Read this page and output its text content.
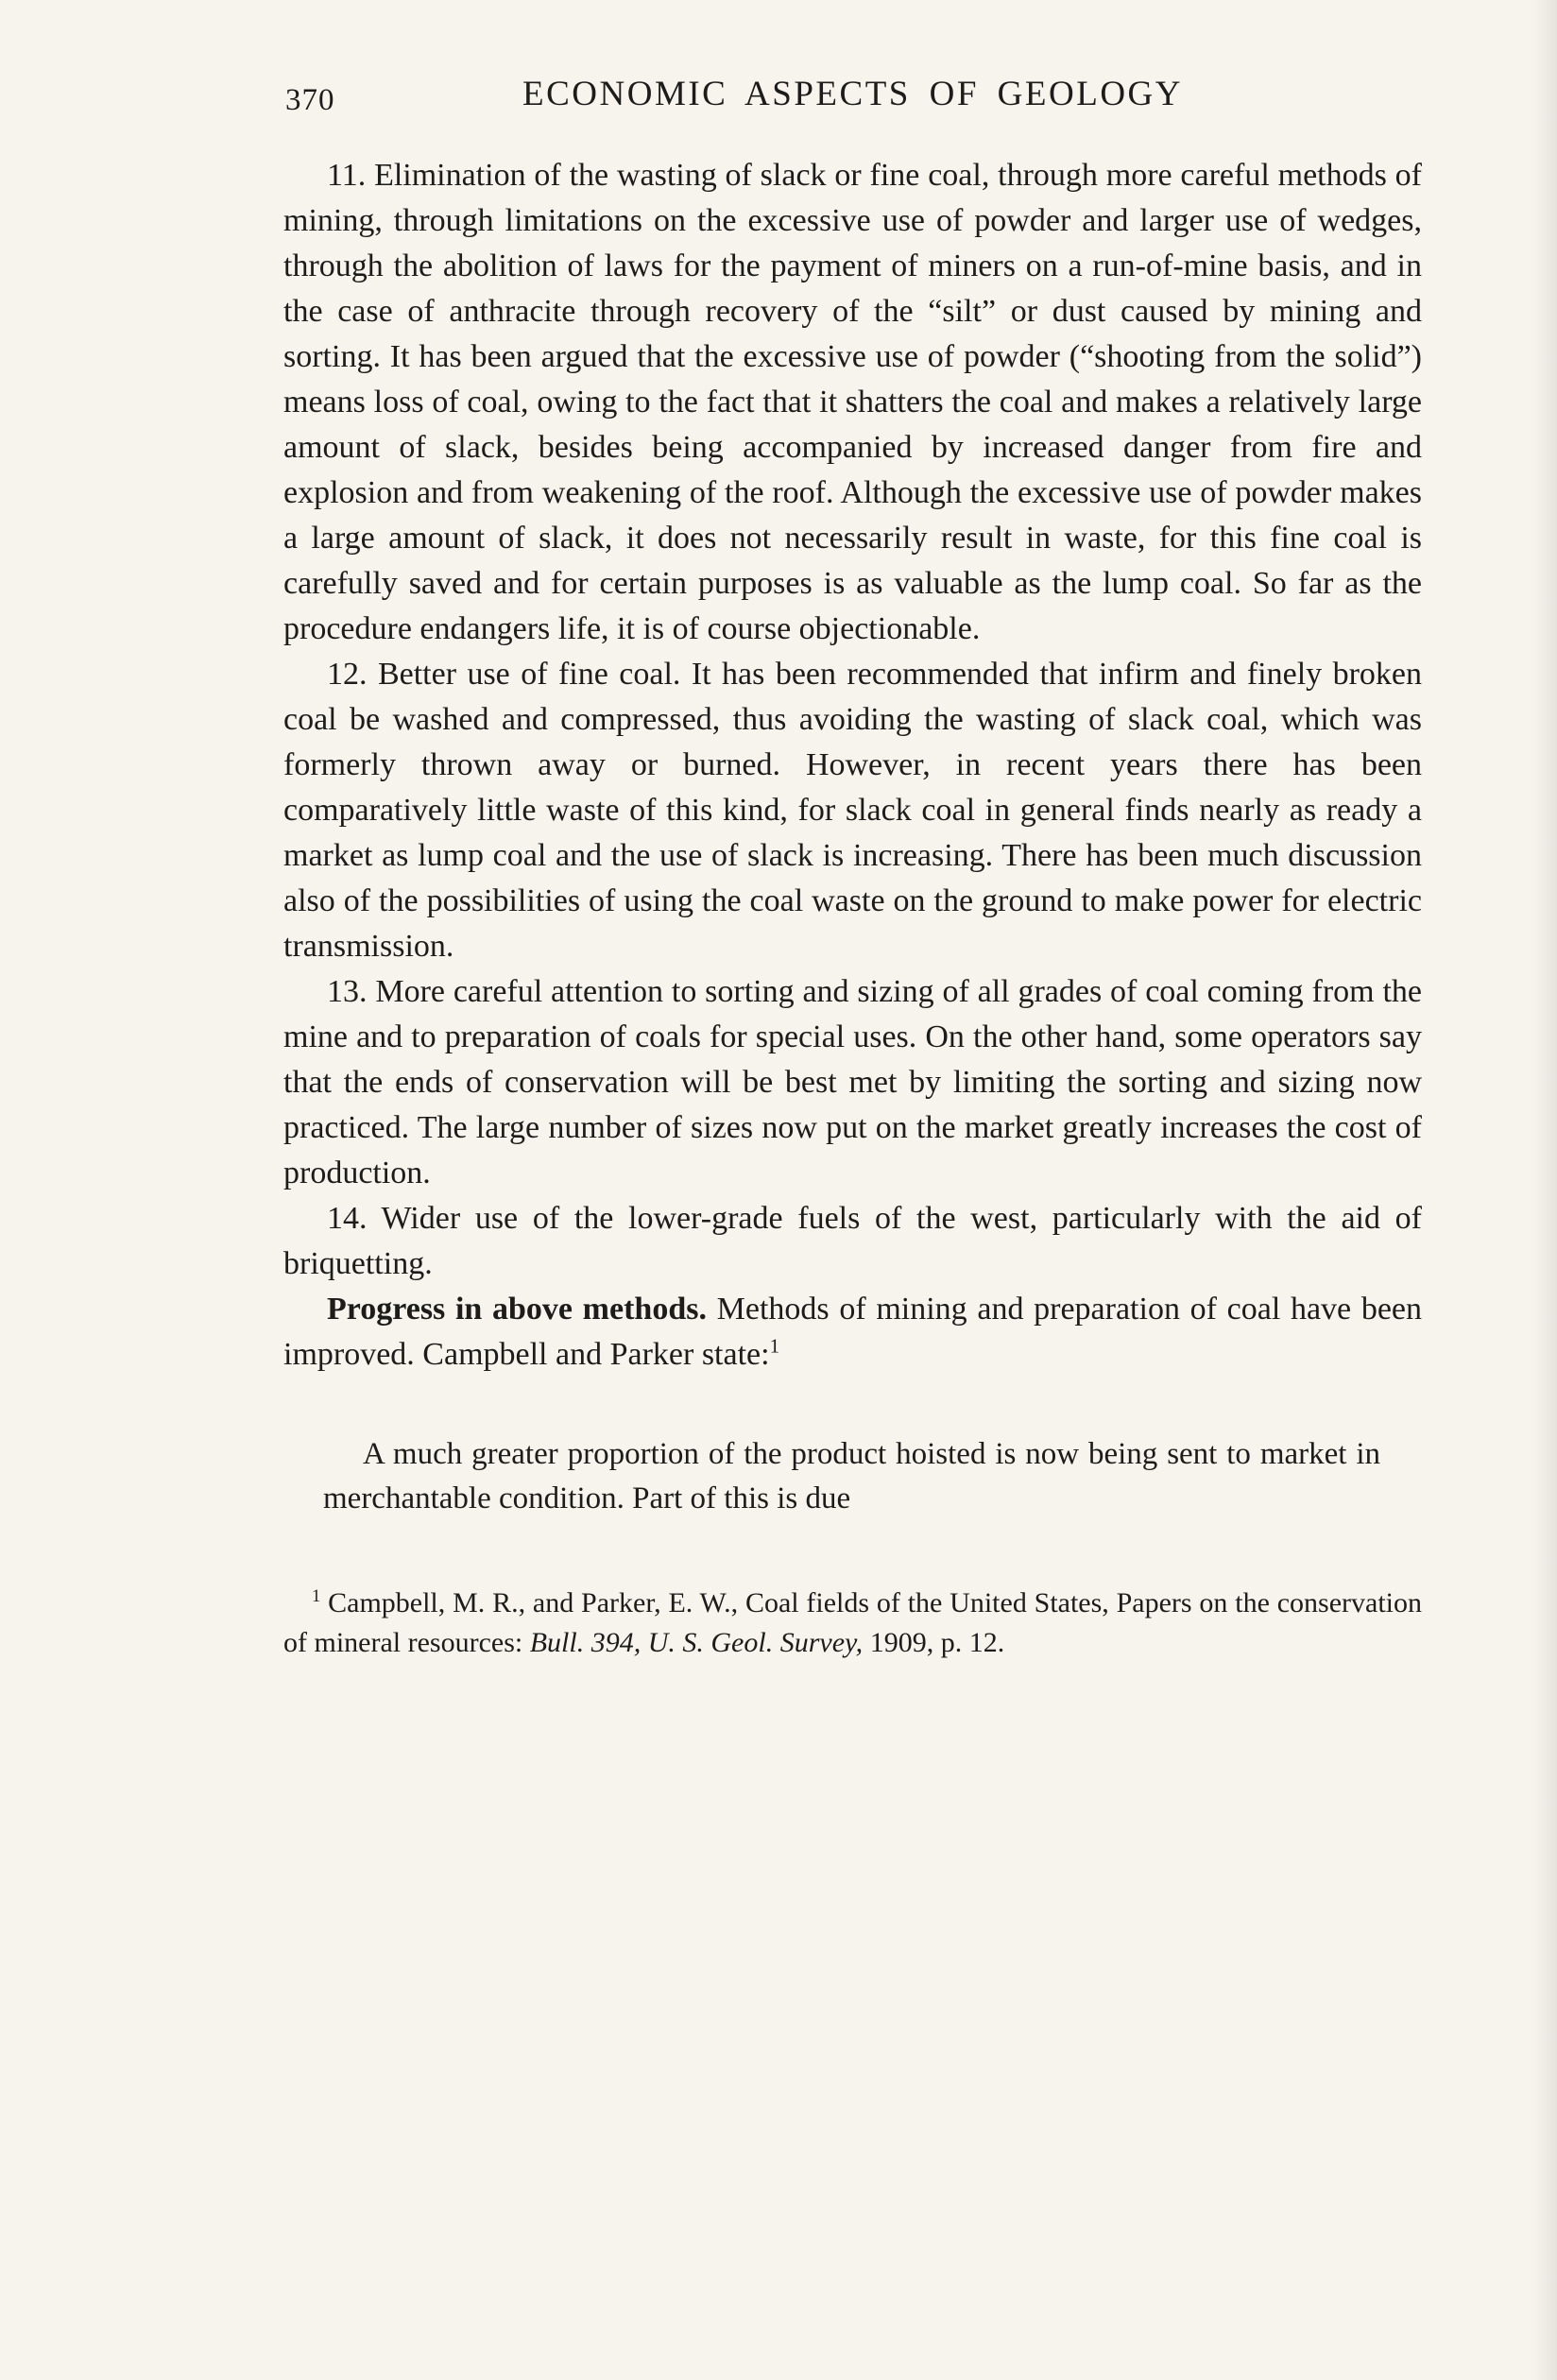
370	ECONOMIC ASPECTS OF GEOLOGY

11. Elimination of the wasting of slack or fine coal, through more careful methods of mining, through limitations on the excessive use of powder and larger use of wedges, through the abolition of laws for the payment of miners on a run-of-mine basis, and in the case of anthracite through recovery of the “silt” or dust caused by mining and sorting. It has been argued that the excessive use of powder (“shooting from the solid”) means loss of coal, owing to the fact that it shatters the coal and makes a relatively large amount of slack, besides being accompanied by increased danger from fire and explosion and from weakening of the roof. Although the excessive use of powder makes a large amount of slack, it does not necessarily result in waste, for this fine coal is carefully saved and for certain purposes is as valuable as the lump coal. So far as the procedure endangers life, it is of course objectionable.

12. Better use of fine coal. It has been recommended that infirm and finely broken coal be washed and compressed, thus avoiding the wasting of slack coal, which was formerly thrown away or burned. However, in recent years there has been comparatively little waste of this kind, for slack coal in general finds nearly as ready a market as lump coal and the use of slack is increasing. There has been much discussion also of the possibilities of using the coal waste on the ground to make power for electric transmission.

13. More careful attention to sorting and sizing of all grades of coal coming from the mine and to preparation of coals for special uses. On the other hand, some operators say that the ends of conservation will be best met by limiting the sorting and sizing now practiced. The large number of sizes now put on the market greatly increases the cost of production.

14. Wider use of the lower-grade fuels of the west, particularly with the aid of briquetting.

Progress in above methods. Methods of mining and preparation of coal have been improved. Campbell and Parker state:$^1$

A much greater proportion of the product hoisted is now being sent to market in merchantable condition. Part of this is due

$^1$ Campbell, M. R., and Parker, E. W., Coal fields of the United States, Papers on the conservation of mineral resources: Bull. 394, U. S. Geol. Survey, 1909, p. 12.
